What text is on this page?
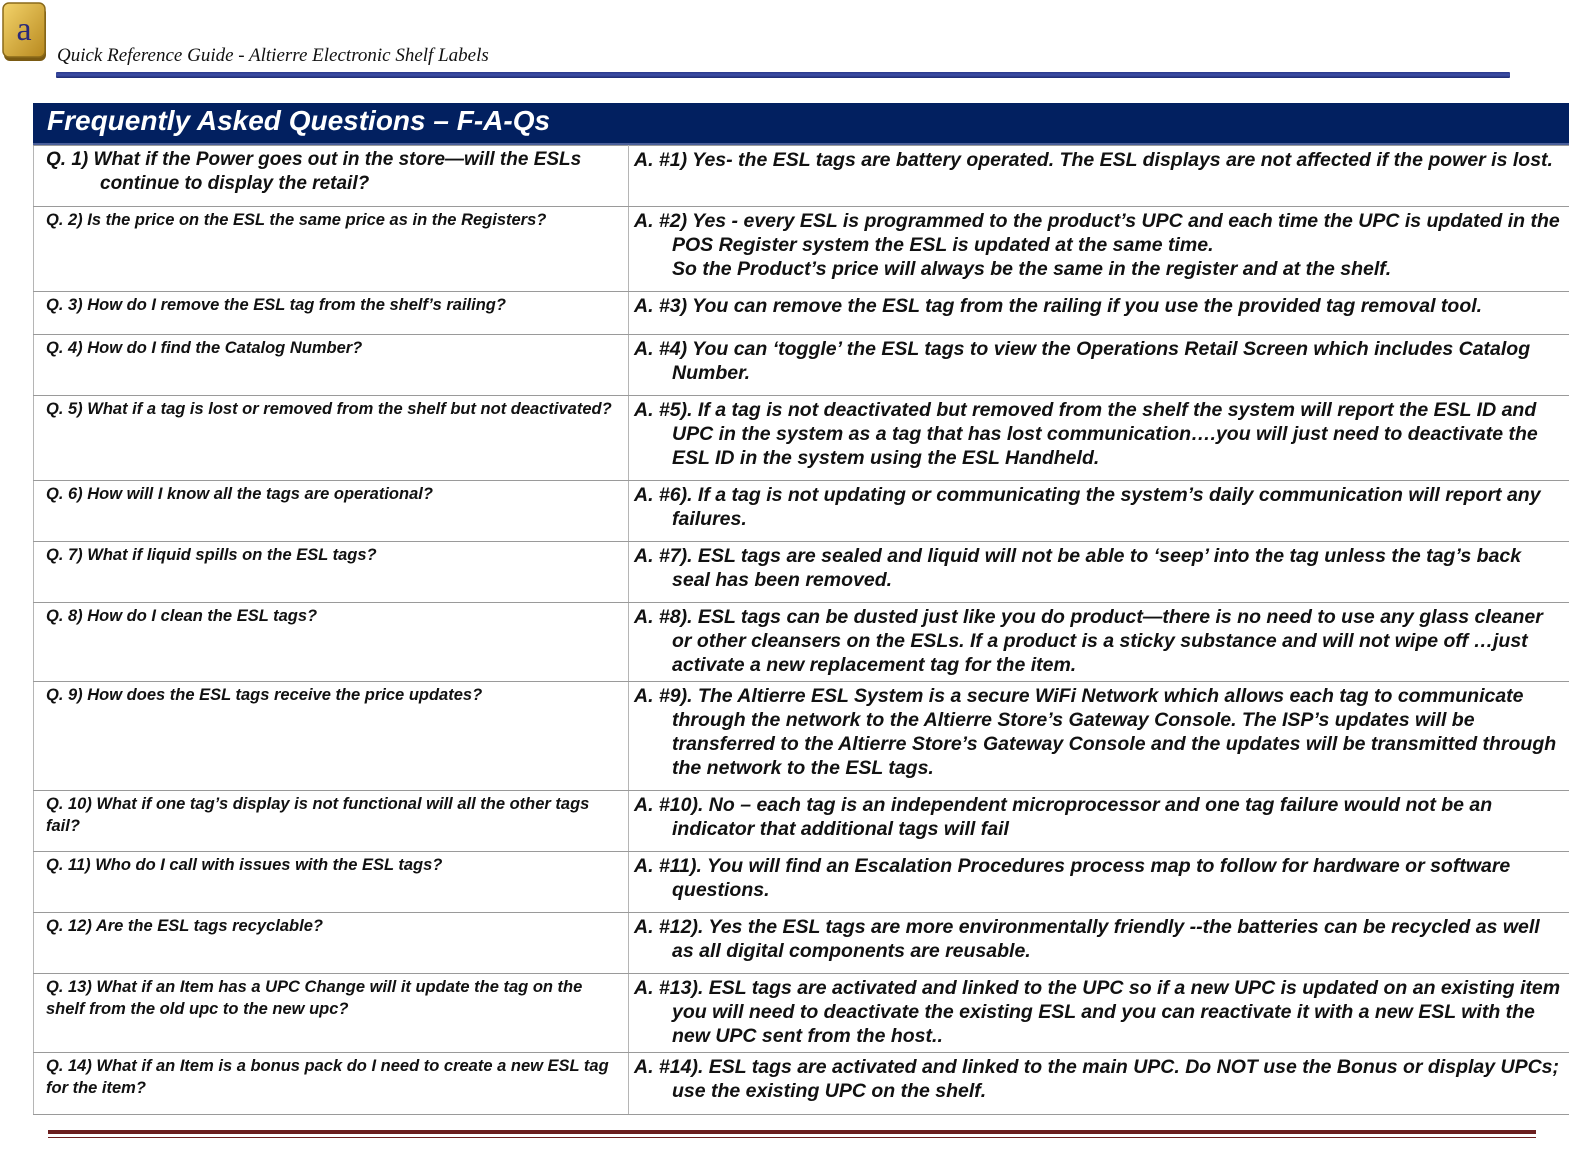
a
Quick Reference Guide - Altierre Electronic Shelf Labels
Frequently Asked Questions – F-A-Qs
Q. 1) What if the Power goes out in the store—will the ESLs continue to display the retail?	A. #1) Yes- the ESL tags are battery operated. The ESL displays are not affected if the power is lost.
Q. 2) Is the price on the ESL the same price as in the Registers?	A. #2) Yes - every ESL is programmed to the product’s UPC and each time the UPC is updated in the POS Register system the ESL is updated at the same time.
So the Product’s price will always be the same in the register and at the shelf.
Q. 3) How do I remove the ESL tag from the shelf’s railing?	A. #3) You can remove the ESL tag from the railing if you use the provided tag removal tool.
Q. 4) How do I find the Catalog Number?	A. #4) You can ‘toggle’ the ESL tags to view the Operations Retail Screen which includes Catalog Number.
Q. 5) What if a tag is lost or removed from the shelf but not deactivated?	A. #5). If a tag is not deactivated but removed from the shelf the system will report the ESL ID and UPC in the system as a tag that has lost communication….you will just need to deactivate the ESL ID in the system using the ESL Handheld.
Q. 6) How will I know all the tags are operational?	A. #6). If a tag is not updating or communicating the system’s daily communication will report any failures.
Q. 7) What if liquid spills on the ESL tags?	A. #7). ESL tags are sealed and liquid will not be able to ‘seep’ into the tag unless the tag’s back seal has been removed.
Q. 8) How do I clean the ESL tags?	A. #8). ESL tags can be dusted just like you do product—there is no need to use any glass cleaner or other cleansers on the ESLs. If a product is a sticky substance and will not wipe off …just activate a new replacement tag for the item.
Q. 9) How does the ESL tags receive the price updates?	A. #9). The Altierre ESL System is a secure WiFi Network which allows each tag to communicate through the network to the Altierre Store’s Gateway Console. The ISP’s updates will be transferred to the Altierre Store’s Gateway Console and the updates will be transmitted through the network to the ESL tags.
Q. 10) What if one tag’s display is not functional will all the other tags fail?	A. #10). No – each tag is an independent microprocessor and one tag failure would not be an indicator that additional tags will fail
Q. 11) Who do I call with issues with the ESL tags?	A. #11). You will find an Escalation Procedures process map to follow for hardware or software questions.
Q. 12) Are the ESL tags recyclable?	A. #12). Yes the ESL tags are more environmentally friendly --the batteries can be recycled as well as all digital components are reusable.
Q. 13) What if an Item has a UPC Change will it update the tag on the shelf from the old upc to the new upc?	A. #13). ESL tags are activated and linked to the UPC so if a new UPC is updated on an existing item you will need to deactivate the existing ESL and you can reactivate it with a new ESL with the new UPC sent from the host..
Q. 14) What if an Item is a bonus pack do I need to create a new ESL tag for the item?	A. #14). ESL tags are activated and linked to the main UPC. Do NOT use the Bonus or display UPCs; use the existing UPC on the shelf.
